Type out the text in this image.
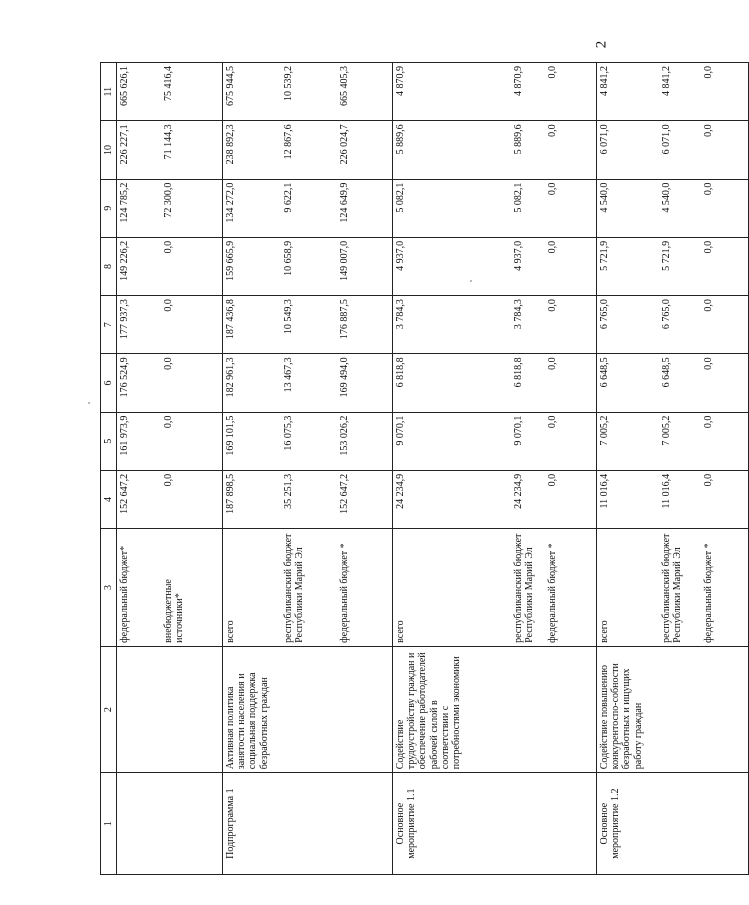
2
1	2	3	4	5	6	7	8	9	10	11
		федеральный бюджет*	152 647,2	161 973,9	176 524,9	177 937,3	149 226,2	124 785,2	226 227,1	665 626,1
		внебюджетные источники*	0,0	0,0	0,0	0,0	0,0	72 300,0	71 144,3	75 416,4
Подпрограмма 1	Активная политика занятости населения и социальная поддержка безработных граждан	всего	187 898,5	169 101,5	182 961,3	187 436,8	159 665,9	134 272,0	238 892,3	675 944,5
		республиканский бюджет Республики Марий Эл	35 251,3	16 075,3	13 467,3	10 549,3	10 658,9	9 622,1	12 867,6	10 539,2
		федеральный бюджет *	152 647,2	153 026,2	169 494,0	176 887,5	149 007,0	124 649,9	226 024,7	665 405,3
Основное мероприятие 1.1	Содействие трудоустройству граждан и обеспечение работодателей рабочей силой в соответствии с потребностями экономики	всего	24 234,9	9 070,1	6 818,8	3 784,3	4 937,0	5 082,1	5 889,6	4 870,9
		республиканский бюджет Республики Марий Эл	24 234,9	9 070,1	6 818,8	3 784,3	4 937,0	5 082,1	5 889,6	4 870,9
		федеральный бюджет *	0,0	0,0	0,0	0,0	0,0	0,0	0,0	0,0
Основное мероприятие 1.2	Содействие повышению конкурентоспо-собности безработных и ищущих работу граждан	всего	11 016,4	7 005,2	6 648,5	6 765,0	5 721,9	4 540,0	6 071,0	4 841,2
		республиканский бюджет Республики Марий Эл	11 016,4	7 005,2	6 648,5	6 765,0	5 721,9	4 540,0	6 071,0	4 841,2
		федеральный бюджет *	0,0	0,0	0,0	0,0	0,0	0,0	0,0	0,0
